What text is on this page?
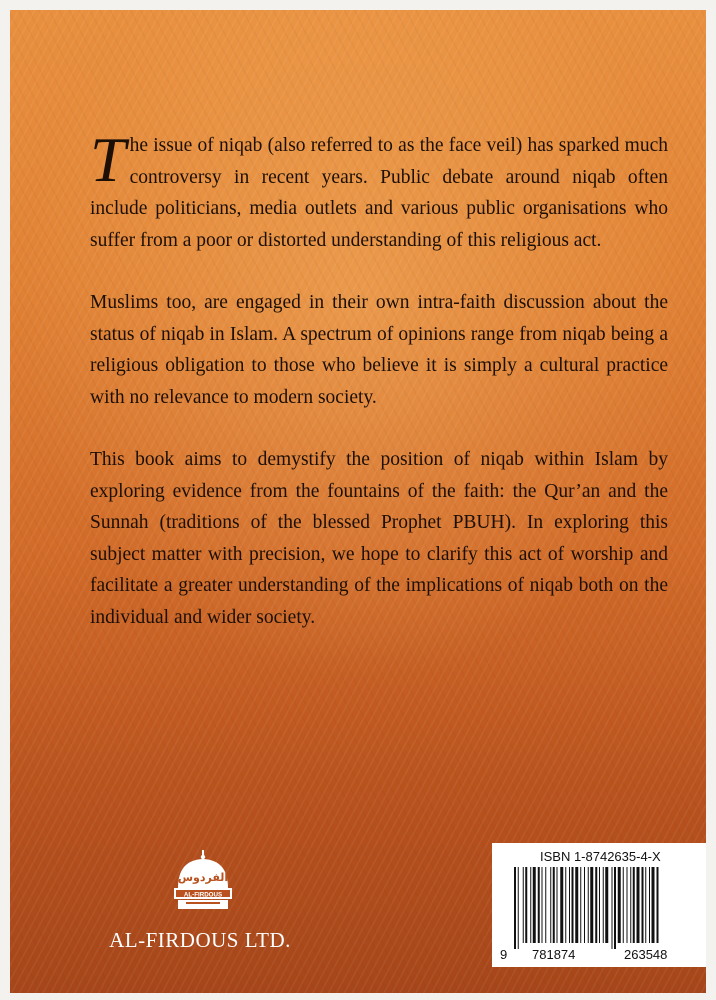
The issue of niqab (also referred to as the face veil) has sparked much controversy in recent years. Public debate around niqab often include politicians, media outlets and various public organisations who suffer from a poor or distorted understanding of this religious act.

Muslims too, are engaged in their own intra-faith discussion about the status of niqab in Islam. A spectrum of opinions range from niqab being a religious obligation to those who believe it is simply a cultural practice with no relevance to modern society.

This book aims to demystify the position of niqab within Islam by exploring evidence from the fountains of the faith: the Qur’an and the Sunnah (traditions of the blessed Prophet PBUH). In exploring this subject matter with precision, we hope to clarify this act of worship and facilitate a greater understanding of the implications of niqab both on the individual and wider society.

الفردوس
AL-FIRDOUS
AL-FIRDOUS LTD.
ISBN 1-8742635-4-X
9 781874	263548
